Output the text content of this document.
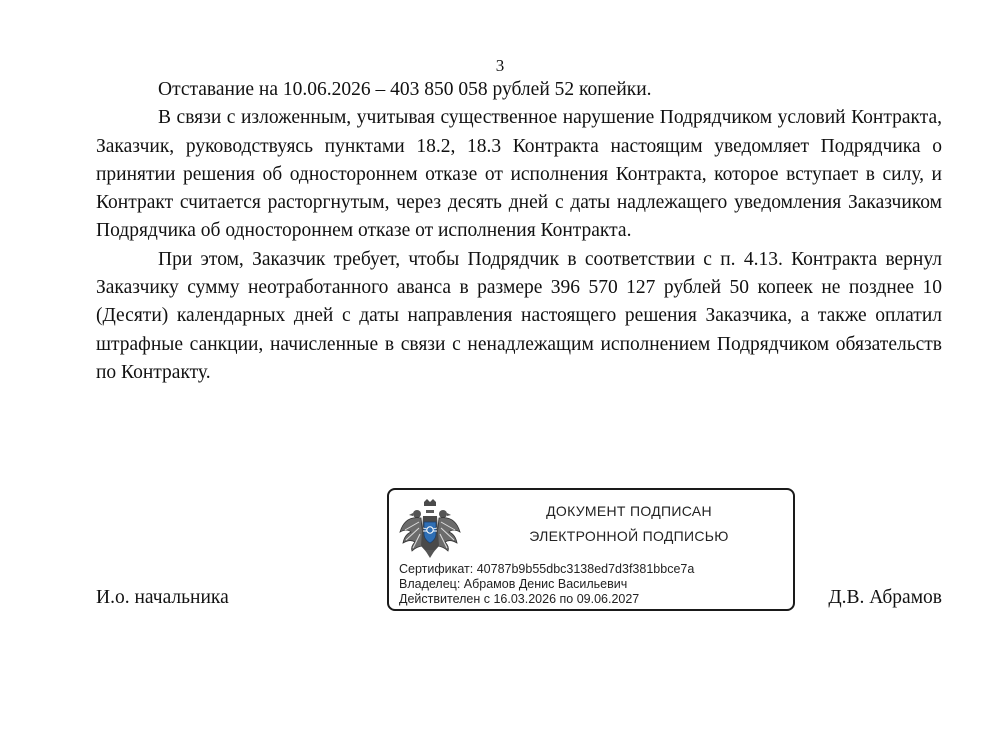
3

Отставание на 10.06.2026 – 403 850 058 рублей 52 копейки.

В связи с изложенным, учитывая существенное нарушение Подрядчиком условий Контракта, Заказчик, руководствуясь пунктами 18.2, 18.3 Контракта настоящим уведомляет Подрядчика о принятии решения об одностороннем отказе от исполнения Контракта, которое вступает в силу, и Контракт считается расторгнутым, через десять дней с даты надлежащего уведомления Заказчиком Подрядчика об одностороннем отказе от исполнения Контракта.

При этом, Заказчик требует, чтобы Подрядчик в соответствии с п. 4.13. Контракта вернул Заказчику сумму неотработанного аванса в размере 396 570 127 рублей 50 копеек не позднее 10 (Десяти) календарных дней с даты направления настоящего решения Заказчика, а также оплатил штрафные санкции, начисленные в связи с ненадлежащим исполнением Подрядчиком обязательств по Контракту.

И.о. начальника	Д.В. Абрамов
ДОКУМЕНТ ПОДПИСАН
ЭЛЕКТРОННОЙ ПОДПИСЬЮ
Сертификат: 40787b9b55dbc3138ed7d3f381bbce7a
Владелец: Абрамов Денис Васильевич
Действителен с 16.03.2026 по 09.06.2027
